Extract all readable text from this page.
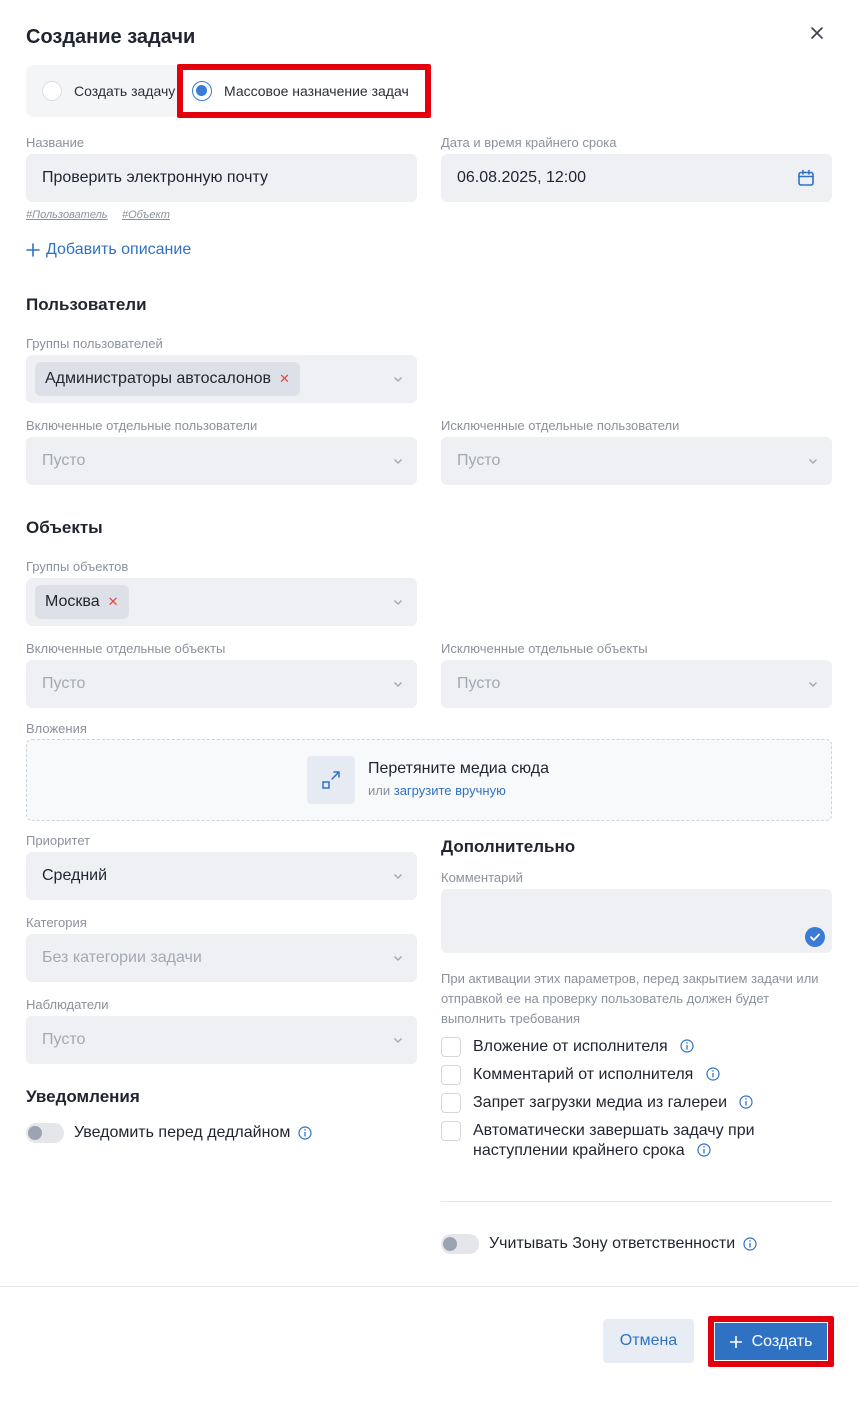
Создание задачи
Создать задачу	Массовое назначение задач
Название
Проверить электронную почту
Дата и время крайнего срока
06.08.2025, 12:00
#Пользователь #Объект
Добавить описание
Пользователи
Группы пользователей
Администраторы автосалонов ✕
Включенные отдельные пользователи
Пусто
Исключенные отдельные пользователи
Пусто
Объекты
Группы объектов
Москва ✕
Включенные отдельные объекты
Пусто
Исключенные отдельные объекты
Пусто
Вложения
Перетяните медиа сюда
или загрузите вручную
Приоритет
Средний
Категория
Без категории задачи
Наблюдатели
Пусто
Уведомления
Уведомить перед дедлайном
Дополнительно
Комментарий
При активации этих параметров, перед закрытием задачи или отправкой ее на проверку пользователь должен будет выполнить требования
Вложение от исполнителя
Комментарий от исполнителя
Запрет загрузки медиа из галереи
Автоматически завершать задачу при наступлении крайнего срока
Учитывать Зону ответственности
Отмена	Создать
